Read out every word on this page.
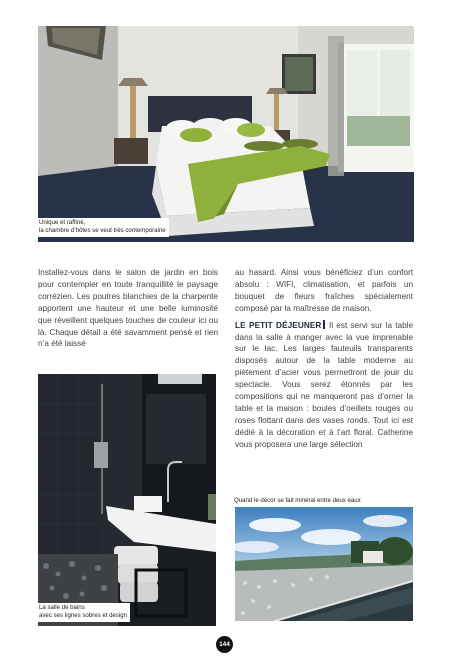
Unique et raffiné,
la chambre d’hôtes se veut très contemporaine

Installez-vous dans le salon de jardin en bois pour contempler en toute tranquillité le paysage corrézien. Les poutres blanchies de la charpente apportent une hauteur et une belle luminosité que réveillent quelques touches de couleur ici ou là. Chaque détail a été savamment pensé et rien n’a été laissé

au hasard. Ainsi vous bénéficiez d’un confort absolu : WIFI, climatisation, et parfois un bouquet de fleurs fraîches spécialement composé par la maîtresse de maison.

LE PETIT DÉJEUNER Il est servi sur la table dans la salle à manger avec la vue imprenable sur le lac. Les larges fauteuils transparents disposés autour de la table moderne au piètement d’acier vous permettront de jouir du spectacle. Vous serez étonnés par les compositions qui ne manqueront pas d’orner la table et la maison : boules d’oeillets rouges ou roses flottant dans des vases ronds. Tout ici est dédié à la décoration et à l’art floral. Catherine vous proposera une large sélection

La salle de bains
avec ses lignes sobres et design
Quand le décor se fait minéral entre deux eaux
144
